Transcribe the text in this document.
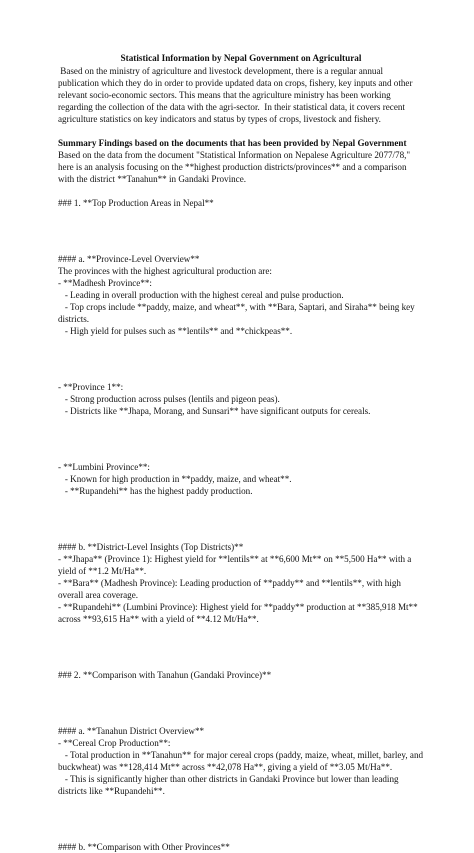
Statistical Information by Nepal Government on Agricultural

Based on the ministry of agriculture and livestock development, there is a regular annual publication which they do in order to provide updated data on crops, fishery, key inputs and other relevant socio-economic sectors. This means that the agriculture ministry has been working regarding the collection of the data with the agri-sector.  In their statistical data, it covers recent agriculture statistics on key indicators and status by types of crops, livestock and fishery.

Summary Findings based on the documents that has been provided by Nepal Government

Based on the data from the document "Statistical Information on Nepalese Agriculture 2077/78," here is an analysis focusing on the **highest production districts/provinces** and a comparison with the district **Tanahun** in Gandaki Province.

### 1. **Top Production Areas in Nepal**

#### a. **Province-Level Overview**

The provinces with the highest agricultural production are:

- **Madhesh Province**:

- Leading in overall production with the highest cereal and pulse production.

- Top crops include **paddy, maize, and wheat**, with **Bara, Saptari, and Siraha** being key districts.

- High yield for pulses such as **lentils** and **chickpeas**.

- **Province 1**:

- Strong production across pulses (lentils and pigeon peas).

- Districts like **Jhapa, Morang, and Sunsari** have significant outputs for cereals.

- **Lumbini Province**:

- Known for high production in **paddy, maize, and wheat**.

- **Rupandehi** has the highest paddy production.

#### b. **District-Level Insights (Top Districts)**

- **Jhapa** (Province 1): Highest yield for **lentils** at **6,600 Mt** on **5,500 Ha** with a yield of **1.2 Mt/Ha**.

- **Bara** (Madhesh Province): Leading production of **paddy** and **lentils**, with high overall area coverage.

- **Rupandehi** (Lumbini Province): Highest yield for **paddy** production at **385,918 Mt** across **93,615 Ha** with a yield of **4.12 Mt/Ha**.

### 2. **Comparison with Tanahun (Gandaki Province)**

#### a. **Tanahun District Overview**

- **Cereal Crop Production**:

- Total production in **Tanahun** for major cereal crops (paddy, maize, wheat, millet, barley, and buckwheat) was **128,414 Mt** across **42,078 Ha**, giving a yield of **3.05 Mt/Ha**.

- This is significantly higher than other districts in Gandaki Province but lower than leading districts like **Rupandehi**.

#### b. **Comparison with Other Provinces**
